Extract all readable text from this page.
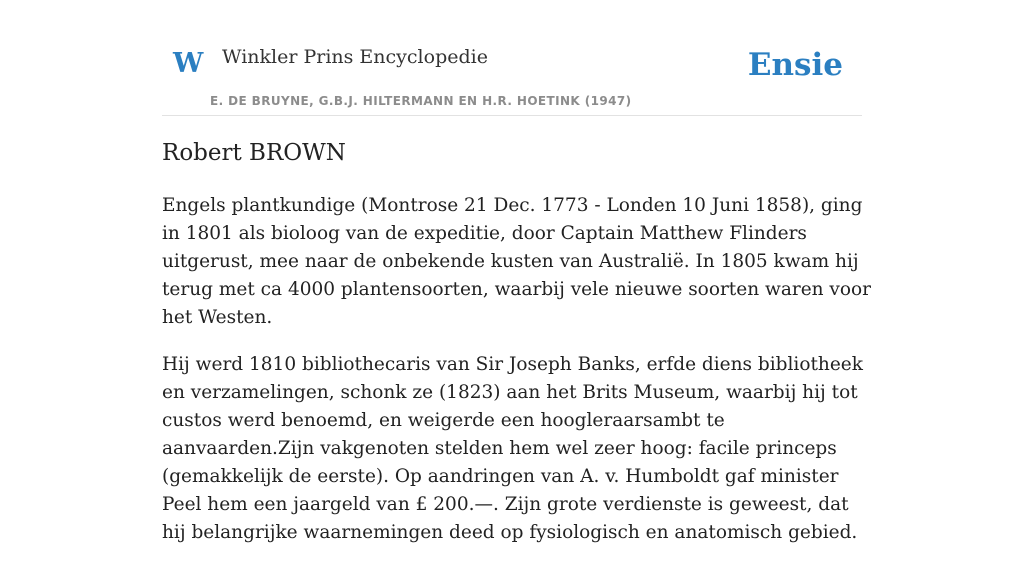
W Winkler Prins Encyclopedie
E. DE BRUYNE, G.B.J. HILTERMANN EN H.R. HOETINK (1947)
Ensie
Robert BROWN

Engels plantkundige (Montrose 21 Dec. 1773 - Londen 10 Juni 1858), ging in 1801 als bioloog van de expeditie, door Captain Matthew Flinders uitgerust, mee naar de onbekende kusten van Australië. In 1805 kwam hij terug met ca 4000 plantensoorten, waarbij vele nieuwe soorten waren voor het Westen.

Hij werd 1810 bibliothecaris van Sir Joseph Banks, erfde diens bibliotheek en verzamelingen, schonk ze (1823) aan het Brits Museum, waarbij hij tot custos werd benoemd, en weigerde een hoogleraarsambt te aanvaarden.Zijn vakgenoten stelden hem wel zeer hoog: facile princeps (gemakkelijk de eerste). Op aandringen van A. v. Humboldt gaf minister Peel hem een jaargeld van £ 200.—. Zijn grote verdienste is geweest, dat hij belangrijke waarnemingen deed op fysiologisch en anatomisch gebied.
